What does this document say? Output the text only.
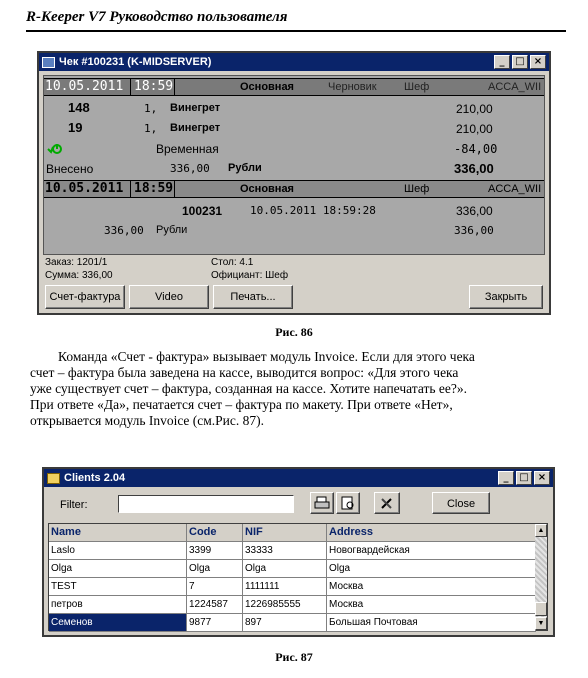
R-Keeper V7 Руководство пользователя
Чек #100231 (K-MIDSERVER)	_	□ ×
10.05.2011 18:59	Основная	Черновик Шеф	ACCA_WII
148	1, Винегрет	210,00
19	1, Винегрет	210,00
Временная	-84,00
Внесено	336,00 Рубли	336,00
10.05.2011 18:59	Основная	Шеф	ACCA_WII
100231	10.05.2011 18:59:28	336,00
336,00 Рубли	336,00
Заказ: 1201/1	Стол: 4.1
Сумма: 336,00	Официант: Шеф
Счет-фактура	Video	Печать...	Закрыть
Рис. 86
Команда «Счет - фактура» вызывает модуль Invoice. Если для этого чека
счет – фактура была заведена на кассе, выводится вопрос: «Для этого чека
уже существует счет – фактура, созданная на кассе. Хотите напечатать ее?».
При ответе «Да», печатается счет – фактура по макету. При ответе «Нет»,
открывается модуль Invoice (см.Рис. 87).
Clients 2.04	_	□ ×
Filter:	Close
Name	Code	NIF	Address
Laslo	3399	33333	Новогвардейская
Olga	Olga	Olga	Olga
TEST	7	1111111	Москва
петров	1224587	1226985555	Москва
Семенов	9877	897	Большая Почтовая
▲
▼
Рис. 87
